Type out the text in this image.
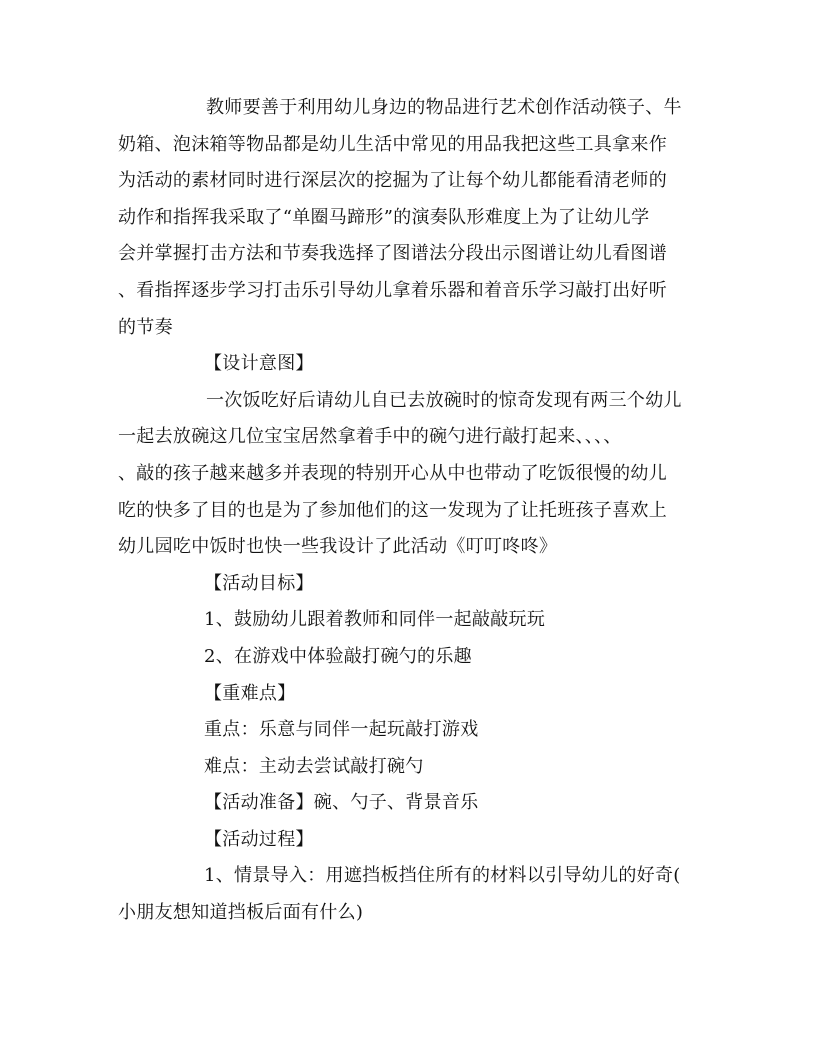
教师要善于利用幼儿身边的物品进行艺术创作活动筷子、牛
奶箱、泡沫箱等物品都是幼儿生活中常见的用品我把这些工具拿来作
为活动的素材同时进行深层次的挖掘为了让每个幼儿都能看清老师的
动作和指挥我采取了“单圈马蹄形”的演奏队形难度上为了让幼儿学
会并掌握打击方法和节奏我选择了图谱法分段出示图谱让幼儿看图谱
、看指挥逐步学习打击乐引导幼儿拿着乐器和着音乐学习敲打出好听
的节奏
【设计意图】
一次饭吃好后请幼儿自已去放碗时的惊奇发现有两三个幼儿
一起去放碗这几位宝宝居然拿着手中的碗勺进行敲打起来、、、、
、敲的孩子越来越多并表现的特别开心从中也带动了吃饭很慢的幼儿
吃的快多了目的也是为了参加他们的这一发现为了让托班孩子喜欢上
幼儿园吃中饭时也快一些我设计了此活动《叮叮咚咚》
【活动目标】
1、鼓励幼儿跟着教师和同伴一起敲敲玩玩
2、在游戏中体验敲打碗勺的乐趣
【重难点】
重点：乐意与同伴一起玩敲打游戏
难点：主动去尝试敲打碗勺
【活动准备】碗、勺子、背景音乐
【活动过程】
1、情景导入：用遮挡板挡住所有的材料以引导幼儿的好奇(
小朋友想知道挡板后面有什么)
